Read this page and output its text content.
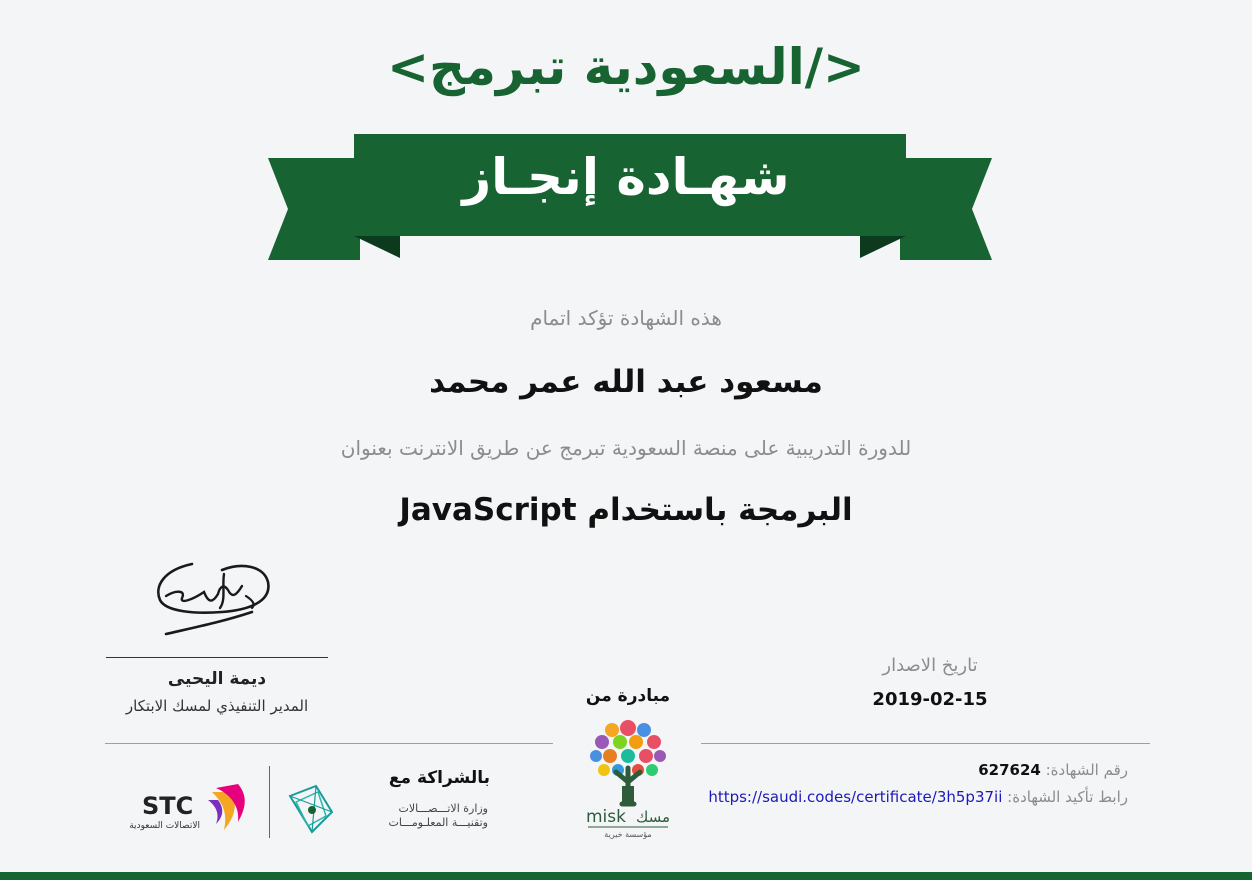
<السعودية تبرمج/>
شهـادة إنجـاز
هذه الشهادة تؤكد اتمام
مسعود عبد الله عمر محمد
للدورة التدريبية على منصة السعودية تبرمج عن طريق الانترنت بعنوان
البرمجة باستخدام JavaScript
ديمة اليحيى
المدير التنفيذي لمسك الابتكار
تاريخ الاصدار
2019-02-15
مبادرة من
misk مسك
مؤسسة خيرية
رقم الشهادة: 627624
رابط تأكيد الشهادة: https://saudi.codes/certificate/3h5p37ii
بالشراكة مع
وزارة الاتـــصـــالات
وتقنيـــة المعلـومـــات
STC
الاتصالات السعودية
